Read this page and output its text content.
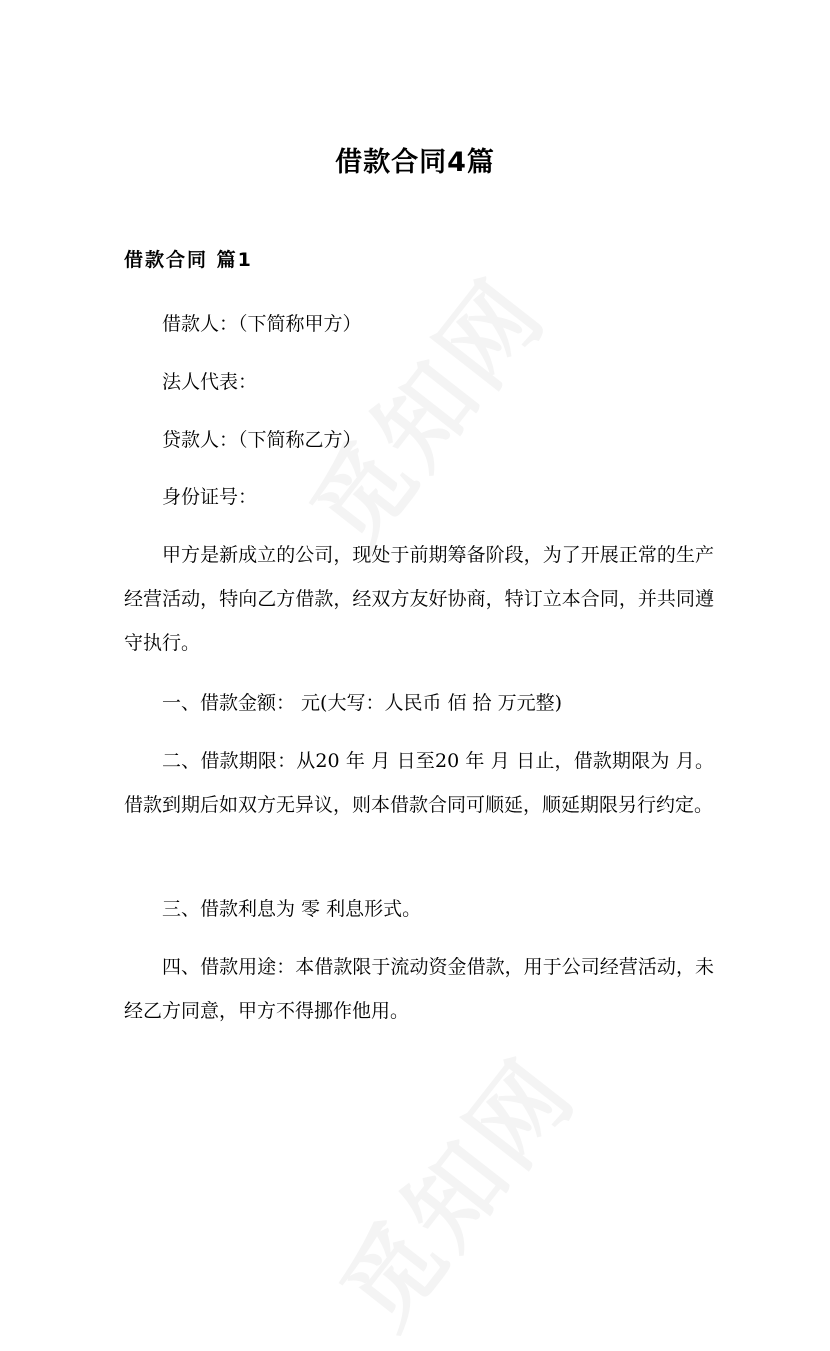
借款合同4篇
借款合同 篇1

借款人：（下简称甲方）

法人代表：

贷款人：（下简称乙方）

身份证号：

甲方是新成立的公司，现处于前期筹备阶段，为了开展正常的生产经营活动，特向乙方借款，经双方友好协商，特订立本合同，并共同遵守执行。

一、借款金额： 元(大写：人民币 佰 拾 万元整)

二、借款期限：从20 年 月 日至20 年 月 日止，借款期限为 月。借款到期后如双方无异议，则本借款合同可顺延，顺延期限另行约定。

三、借款利息为 零 利息形式。

四、借款用途：本借款限于流动资金借款，用于公司经营活动，未经乙方同意，甲方不得挪作他用。
